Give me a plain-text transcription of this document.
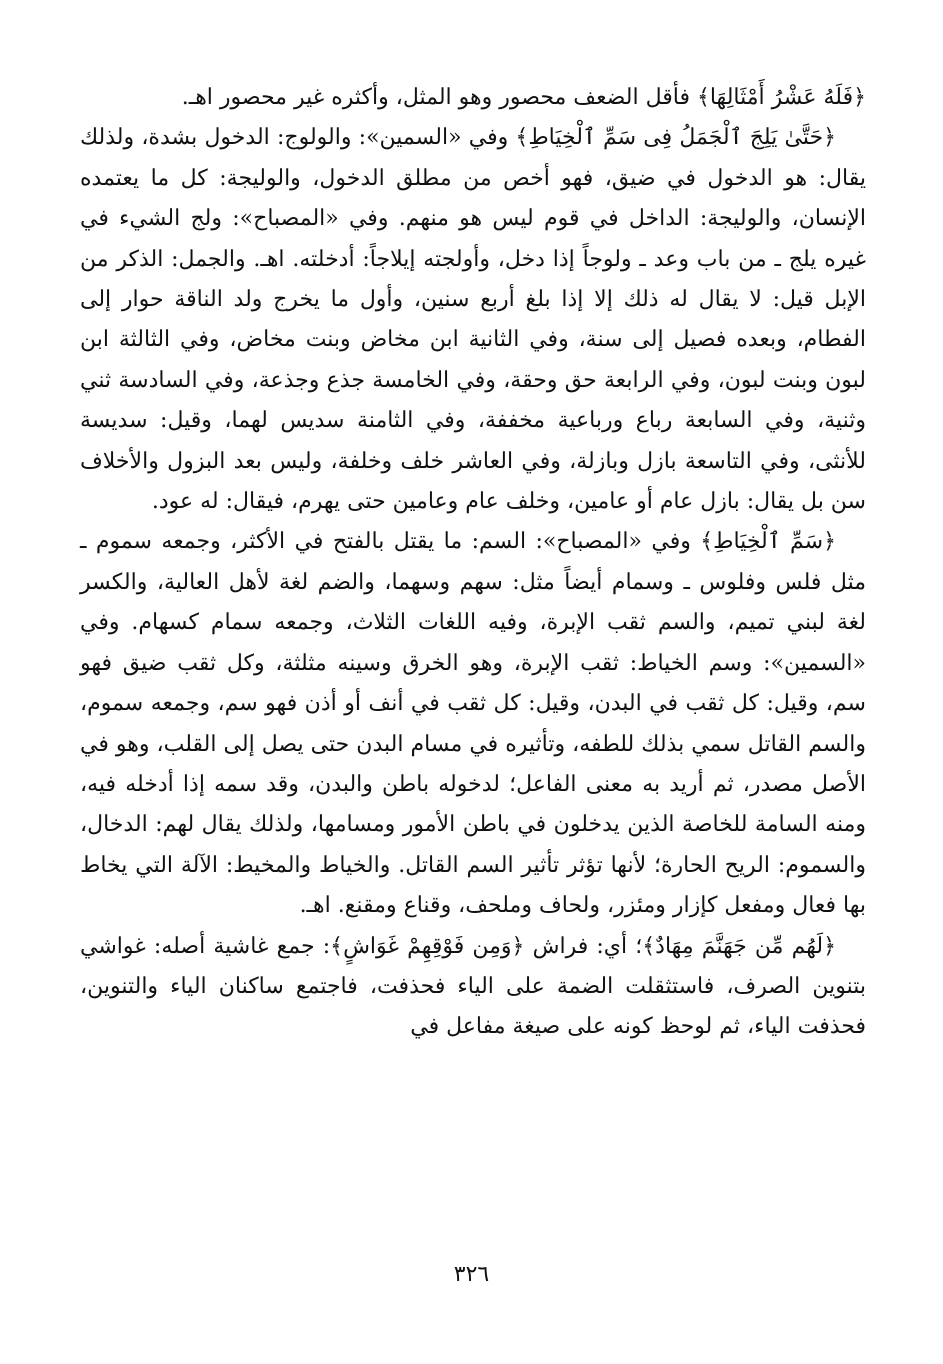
﴿فَلَهُ عَشْرُ أَمْثَالِهَا﴾ فأقل الضعف محصور وهو المثل، وأكثره غير محصور اهـ.

﴿حَتَّىٰ يَلِجَ ٱلْجَمَلُ فِى سَمِّ ٱلْخِيَاطِ﴾ وفي «السمين»: والولوج: الدخول بشدة، ولذلك يقال: هو الدخول في ضيق، فهو أخص من مطلق الدخول، والوليجة: كل ما يعتمده الإنسان، والوليجة: الداخل في قوم ليس هو منهم. وفي «المصباح»: ولج الشيء في غيره يلج ـ من باب وعد ـ ولوجاً إذا دخل، وأولجته إيلاجاً: أدخلته. اهـ. والجمل: الذكر من الإبل قيل: لا يقال له ذلك إلا إذا بلغ أربع سنين، وأول ما يخرج ولد الناقة حوار إلى الفطام، وبعده فصيل إلى سنة، وفي الثانية ابن مخاض وبنت مخاض، وفي الثالثة ابن لبون وبنت لبون، وفي الرابعة حق وحقة، وفي الخامسة جذع وجذعة، وفي السادسة ثني وثنية، وفي السابعة رباع ورباعية مخففة، وفي الثامنة سديس لهما، وقيل: سديسة للأنثى، وفي التاسعة بازل وبازلة، وفي العاشر خلف وخلفة، وليس بعد البزول والأخلاف سن بل يقال: بازل عام أو عامين، وخلف عام وعامين حتى يهرم، فيقال: له عود.

﴿سَمِّ ٱلْخِيَاطِ﴾ وفي «المصباح»: السم: ما يقتل بالفتح في الأكثر، وجمعه سموم ـ مثل فلس وفلوس ـ وسمام أيضاً مثل: سهم وسهما، والضم لغة لأهل العالية، والكسر لغة لبني تميم، والسم ثقب الإبرة، وفيه اللغات الثلاث، وجمعه سمام كسهام. وفي «السمين»: وسم الخياط: ثقب الإبرة، وهو الخرق وسينه مثلثة، وكل ثقب ضيق فهو سم، وقيل: كل ثقب في البدن، وقيل: كل ثقب في أنف أو أذن فهو سم، وجمعه سموم، والسم القاتل سمي بذلك للطفه، وتأثيره في مسام البدن حتى يصل إلى القلب، وهو في الأصل مصدر، ثم أريد به معنى الفاعل؛ لدخوله باطن والبدن، وقد سمه إذا أدخله فيه، ومنه السامة للخاصة الذين يدخلون في باطن الأمور ومسامها، ولذلك يقال لهم: الدخال، والسموم: الريح الحارة؛ لأنها تؤثر تأثير السم القاتل. والخياط والمخيط: الآلة التي يخاط بها فعال ومفعل كإزار ومئزر، ولحاف وملحف، وقناع ومقنع. اهـ.

﴿لَهُم مِّن جَهَنَّمَ مِهَادٌ﴾؛ أي: فراش ﴿وَمِن فَوْقِهِمْ غَوَاشٍ﴾: جمع غاشية أصله: غواشي بتنوين الصرف، فاستثقلت الضمة على الياء فحذفت، فاجتمع ساكنان الياء والتنوين، فحذفت الياء، ثم لوحظ كونه على صيغة مفاعل في

٣٢٦
